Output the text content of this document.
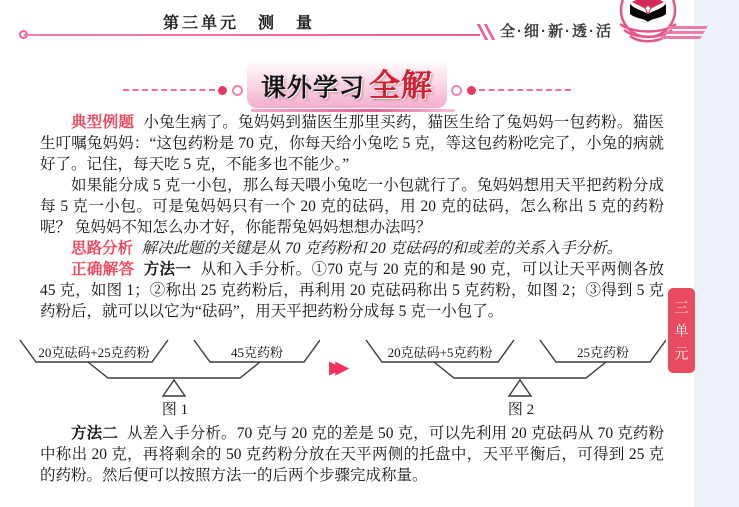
第三单元　测　量	全·细·新·透·活
课外学习 全解

典型例题 小兔生病了。兔妈妈到猫医生那里买药，猫医生给了兔妈妈一包药粉。猫医生叮嘱兔妈妈：“这包药粉是 70 克，你每天给小兔吃 5 克，等这包药粉吃完了，小兔的病就好了。记住，每天吃 5 克，不能多也不能少。”

如果能分成 5 克一小包，那么每天喂小兔吃一小包就行了。兔妈妈想用天平把药粉分成每 5 克一小包。可是兔妈妈只有一个 20 克的砝码，用 20 克的砝码，怎么称出 5 克的药粉呢？ 兔妈妈不知怎么办才好，你能帮兔妈妈想想办法吗？

思路分析 解决此题的关键是从 70 克药粉和 20 克砝码的和或差的关系入手分析。

正确解答 方法一 从和入手分析。①70 克与 20 克的和是 90 克，可以让天平两侧各放 45 克，如图 1；②称出 25 克药粉后，再利用 20 克砝码称出 5 克药粉，如图 2；③得到 5 克药粉后，就可以以它为“砝码”，用天平把药粉分成每 5 克一小包了。

20克砝码+25克药粉	45克药粉
图 1
▶▶
20克砝码+5克药粉	25克药粉
图 2

方法二 从差入手分析。70 克与 20 克的差是 50 克，可以先利用 20 克砝码从 70 克药粉中称出 20 克，再将剩余的 50 克药粉分放在天平两侧的托盘中，天平平衡后，可得到 25 克的药粉。然后便可以按照方法一的后两个步骤完成称量。

三单元
